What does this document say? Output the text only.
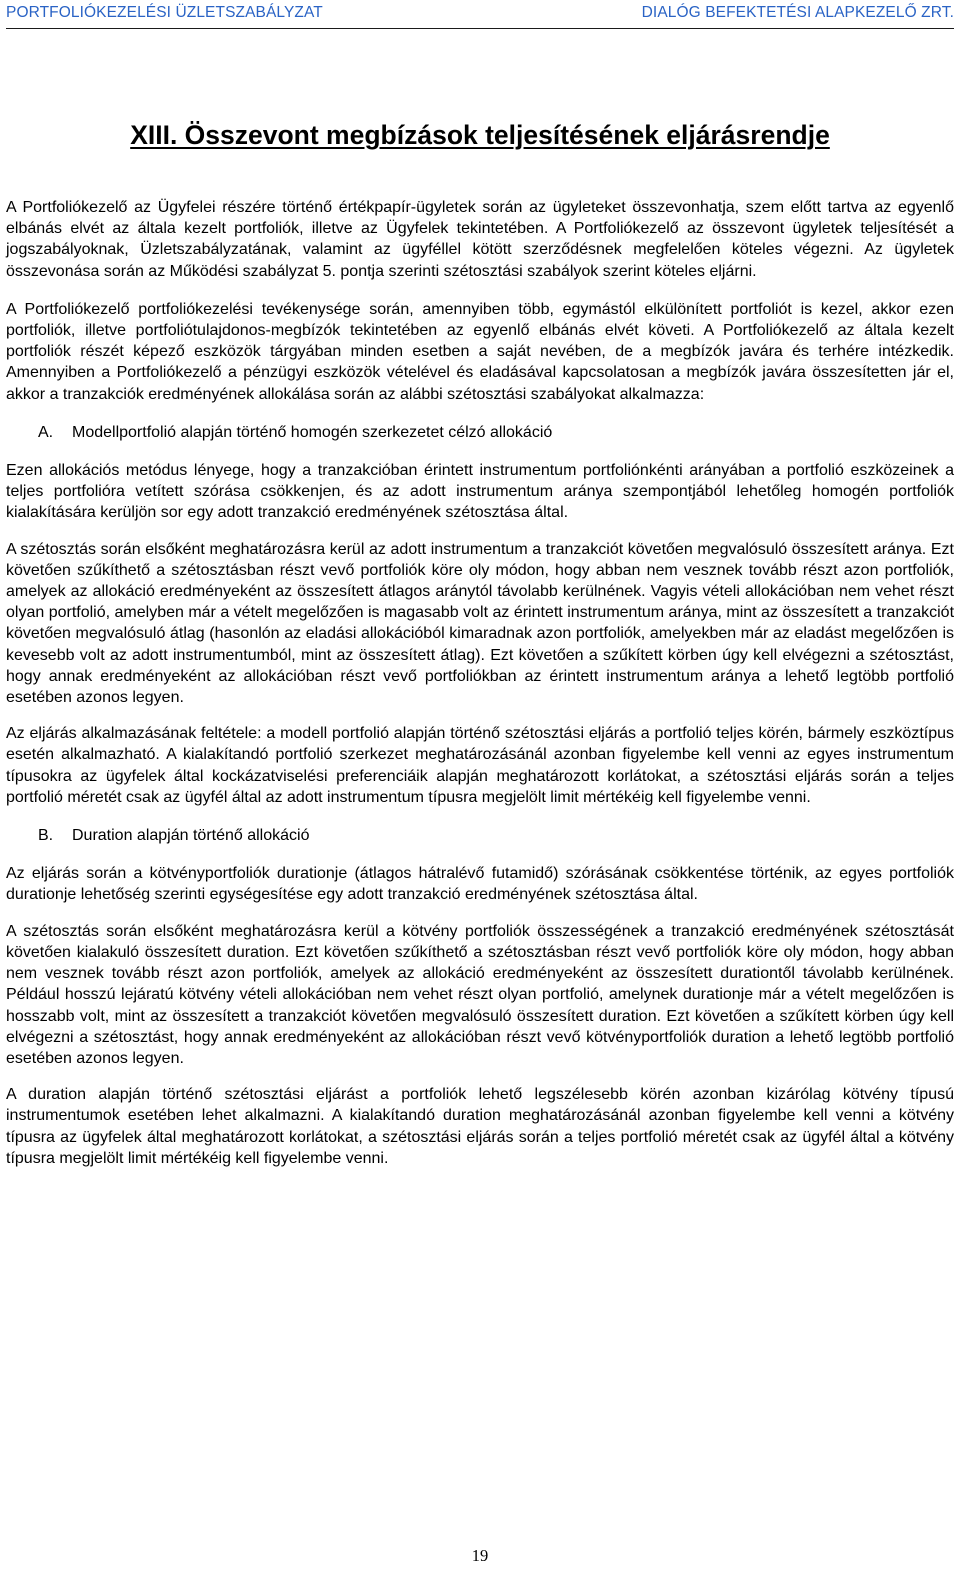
PORTFOLIÓKEZELÉSI ÜZLETSZABÁLYZAT	DIALÓG BEFEKTETÉSI ALAPKEZELŐ ZRT.
XIII. Összevont megbízások teljesítésének eljárásrendje

A Portfoliókezelő az Ügyfelei részére történő értékpapír-ügyletek során az ügyleteket összevonhatja, szem előtt tartva az egyenlő elbánás elvét az általa kezelt portfoliók, illetve az Ügyfelek tekintetében. A Portfoliókezelő az összevont ügyletek teljesítését a jogszabályoknak, Üzletszabályzatának, valamint az ügyféllel kötött szerződésnek megfelelően köteles végezni. Az ügyletek összevonása során az Működési szabályzat 5. pontja szerinti szétosztási szabályok szerint köteles eljárni.

A Portfoliókezelő portfoliókezelési tevékenysége során, amennyiben több, egymástól elkülönített portfoliót is kezel, akkor ezen portfoliók, illetve portfoliótulajdonos-megbízók tekintetében az egyenlő elbánás elvét követi. A Portfoliókezelő az általa kezelt portfoliók részét képező eszközök tárgyában minden esetben a saját nevében, de a megbízók javára és terhére intézkedik. Amennyiben a Portfoliókezelő a pénzügyi eszközök vételével és eladásával kapcsolatosan a megbízók javára összesítetten jár el, akkor a tranzakciók eredményének allokálása során az alábbi szétosztási szabályokat alkalmazza:

A.	Modellportfolió alapján történő homogén szerkezetet célzó allokáció

Ezen allokációs metódus lényege, hogy a tranzakcióban érintett instrumentum portfoliónkénti arányában a portfolió eszközeinek a teljes portfolióra vetített szórása csökkenjen, és az adott instrumentum aránya szempontjából lehetőleg homogén portfoliók kialakítására kerüljön sor egy adott tranzakció eredményének szétosztása által.

A szétosztás során elsőként meghatározásra kerül az adott instrumentum a tranzakciót követően megvalósuló összesített aránya. Ezt követően szűkíthető a szétosztásban részt vevő portfoliók köre oly módon, hogy abban nem vesznek tovább részt azon portfoliók, amelyek az allokáció eredményeként az összesített átlagos aránytól távolabb kerülnének. Vagyis vételi allokációban nem vehet részt olyan portfolió, amelyben már a vételt megelőzően is magasabb volt az érintett instrumentum aránya, mint az összesített a tranzakciót követően megvalósuló átlag (hasonlón az eladási allokációból kimaradnak azon portfoliók, amelyekben már az eladást megelőzően is kevesebb volt az adott instrumentumból, mint az összesített átlag). Ezt követően a szűkített körben úgy kell elvégezni a szétosztást, hogy annak eredményeként az allokációban részt vevő portfoliókban az érintett instrumentum aránya a lehető legtöbb portfolió esetében azonos legyen.

Az eljárás alkalmazásának feltétele: a modell portfolió alapján történő szétosztási eljárás a portfolió teljes körén, bármely eszköztípus esetén alkalmazható. A kialakítandó portfolió szerkezet meghatározásánál azonban figyelembe kell venni az egyes instrumentum típusokra az ügyfelek által kockázatviselési preferenciáik alapján meghatározott korlátokat, a szétosztási eljárás során a teljes portfolió méretét csak az ügyfél által az adott instrumentum típusra megjelölt limit mértékéig kell figyelembe venni.

B.	Duration alapján történő allokáció

Az eljárás során a kötvényportfoliók durationje (átlagos hátralévő futamidő) szórásának csökkentése történik, az egyes portfoliók durationje lehetőség szerinti egységesítése egy adott tranzakció eredményének szétosztása által.

A szétosztás során elsőként meghatározásra kerül a kötvény portfoliók összességének a tranzakció eredményének szétosztását követően kialakuló összesített duration. Ezt követően szűkíthető a szétosztásban részt vevő portfoliók köre oly módon, hogy abban nem vesznek tovább részt azon portfoliók, amelyek az allokáció eredményeként az összesített durationtől távolabb kerülnének. Például hosszú lejáratú kötvény vételi allokációban nem vehet részt olyan portfolió, amelynek durationje már a vételt megelőzően is hosszabb volt, mint az összesített a tranzakciót követően megvalósuló összesített duration. Ezt követően a szűkített körben úgy kell elvégezni a szétosztást, hogy annak eredményeként az allokációban részt vevő kötvényportfoliók duration a lehető legtöbb portfolió esetében azonos legyen.

A duration alapján történő szétosztási eljárást a portfoliók lehető legszélesebb körén azonban kizárólag kötvény típusú instrumentumok esetében lehet alkalmazni. A kialakítandó duration meghatározásánál azonban figyelembe kell venni a kötvény típusra az ügyfelek által meghatározott korlátokat, a szétosztási eljárás során a teljes portfolió méretét csak az ügyfél által a kötvény típusra megjelölt limit mértékéig kell figyelembe venni.

19
